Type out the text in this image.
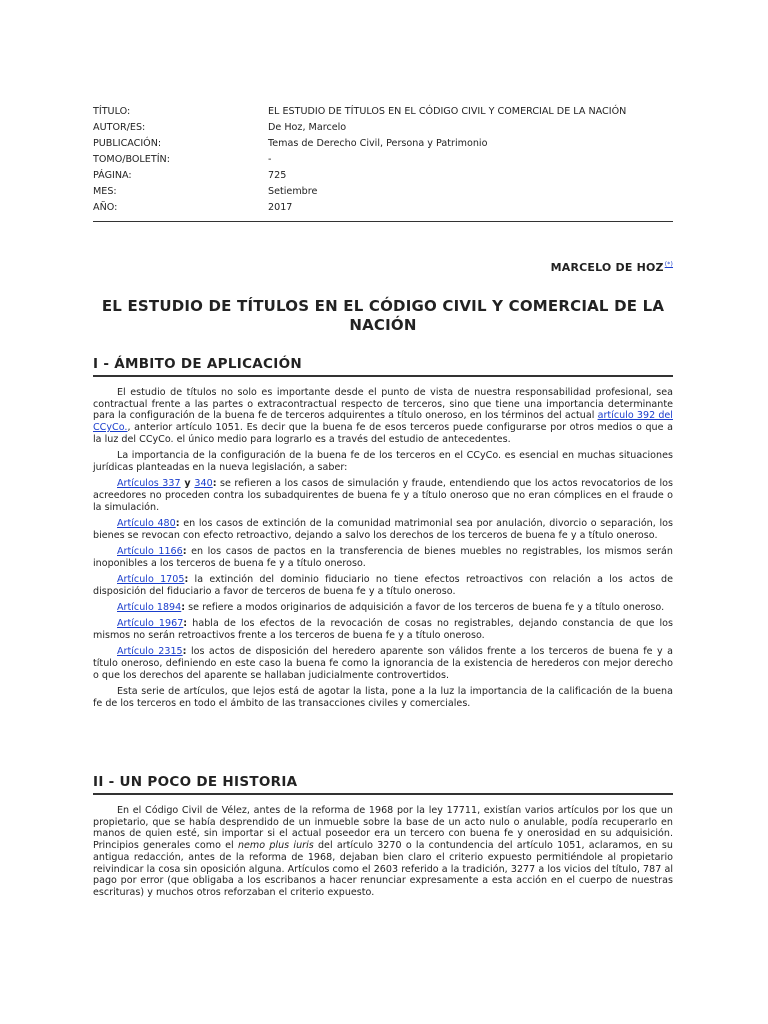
TÍTULO:	EL ESTUDIO DE TÍTULOS EN EL CÓDIGO CIVIL Y COMERCIAL DE LA NACIÓN
AUTOR/ES:	De Hoz, Marcelo
PUBLICACIÓN:	Temas de Derecho Civil, Persona y Patrimonio
TOMO/BOLETÍN:	-
PÁGINA:	725
MES:	Setiembre
AÑO:	2017
MARCELO DE HOZ(*)
EL ESTUDIO DE TÍTULOS EN EL CÓDIGO CIVIL Y COMERCIAL DE LA NACIÓN
I - ÁMBITO DE APLICACIÓN

El estudio de títulos no solo es importante desde el punto de vista de nuestra responsabilidad profesional, sea contractual frente a las partes o extracontractual respecto de terceros, sino que tiene una importancia determinante para la configuración de la buena fe de terceros adquirentes a título oneroso, en los términos del actual artículo 392 del CCyCo., anterior artículo 1051. Es decir que la buena fe de esos terceros puede configurarse por otros medios o que a la luz del CCyCo. el único medio para lograrlo es a través del estudio de antecedentes.

La importancia de la configuración de la buena fe de los terceros en el CCyCo. es esencial en muchas situaciones jurídicas planteadas en la nueva legislación, a saber:

Artículos 337 y 340: se refieren a los casos de simulación y fraude, entendiendo que los actos revocatorios de los acreedores no proceden contra los subadquirentes de buena fe y a título oneroso que no eran cómplices en el fraude o la simulación.

Artículo 480: en los casos de extinción de la comunidad matrimonial sea por anulación, divorcio o separación, los bienes se revocan con efecto retroactivo, dejando a salvo los derechos de los terceros de buena fe y a título oneroso.

Artículo 1166: en los casos de pactos en la transferencia de bienes muebles no registrables, los mismos serán inoponibles a los terceros de buena fe y a título oneroso.

Artículo 1705: la extinción del dominio fiduciario no tiene efectos retroactivos con relación a los actos de disposición del fiduciario a favor de terceros de buena fe y a título oneroso.

Artículo 1894: se refiere a modos originarios de adquisición a favor de los terceros de buena fe y a título oneroso.

Artículo 1967: habla de los efectos de la revocación de cosas no registrables, dejando constancia de que los mismos no serán retroactivos frente a los terceros de buena fe y a título oneroso.

Artículo 2315: los actos de disposición del heredero aparente son válidos frente a los terceros de buena fe y a título oneroso, definiendo en este caso la buena fe como la ignorancia de la existencia de herederos con mejor derecho o que los derechos del aparente se hallaban judicialmente controvertidos.

Esta serie de artículos, que lejos está de agotar la lista, pone a la luz la importancia de la calificación de la buena fe de los terceros en todo el ámbito de las transacciones civiles y comerciales.

II - UN POCO DE HISTORIA

En el Código Civil de Vélez, antes de la reforma de 1968 por la ley 17711, existían varios artículos por los que un propietario, que se había desprendido de un inmueble sobre la base de un acto nulo o anulable, podía recuperarlo en manos de quien esté, sin importar si el actual poseedor era un tercero con buena fe y onerosidad en su adquisición. Principios generales como el nemo plus iuris del artículo 3270 o la contundencia del artículo 1051, aclaramos, en su antigua redacción, antes de la reforma de 1968, dejaban bien claro el criterio expuesto permitiéndole al propietario reivindicar la cosa sin oposición alguna. Artículos como el 2603 referido a la tradición, 3277 a los vicios del título, 787 al pago por error (que obligaba a los escribanos a hacer renunciar expresamente a esta acción en el cuerpo de nuestras escrituras) y muchos otros reforzaban el criterio expuesto.
